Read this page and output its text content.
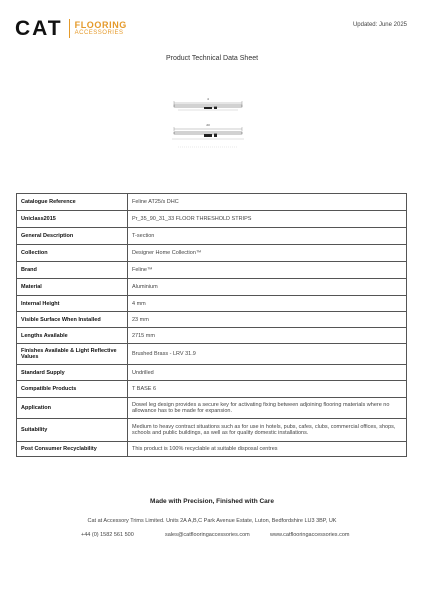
CAT FLOORING
ACCESSORIES
Updated: June 2025
Product Technical Data Sheet
4
23
Catalogue Reference	Feline AT25/s DHC
Uniclass2015	Pr_35_90_31_33 FLOOR THRESHOLD STRIPS
General Description	T-section
Collection	Designer Home Collection™
Brand	Feline™
Material	Aluminium
Internal Height	4 mm
Visible Surface When Installed	23 mm
Lengths Available	2715 mm
Finishes Available & Light Reflective Values	Brushed Brass - LRV 31.9
Standard Supply	Undrilled
Compatible Products	T BASE 6
Application	Dowel leg design provides a secure key for activating fixing between adjoining flooring materials where no allowance has to be made for expansion.
Suitability	Medium to heavy contract situations such as for use in hotels, pubs, cafes, clubs, commercial offices, shops, schools and public buildings, as well as for quality domestic installations.
Post Consumer Recyclability	This product is 100% recyclable at suitable disposal centres
Made with Precision, Finished with Care
Cat at Accessory Trims Limited. Units 2A A,B,C Park Avenue Estate, Luton, Bedfordshire LU3 3BP, UK
+44 (0) 1582 561 500	sales@catflooringaccessories.com	www.catflooringaccessories.com
